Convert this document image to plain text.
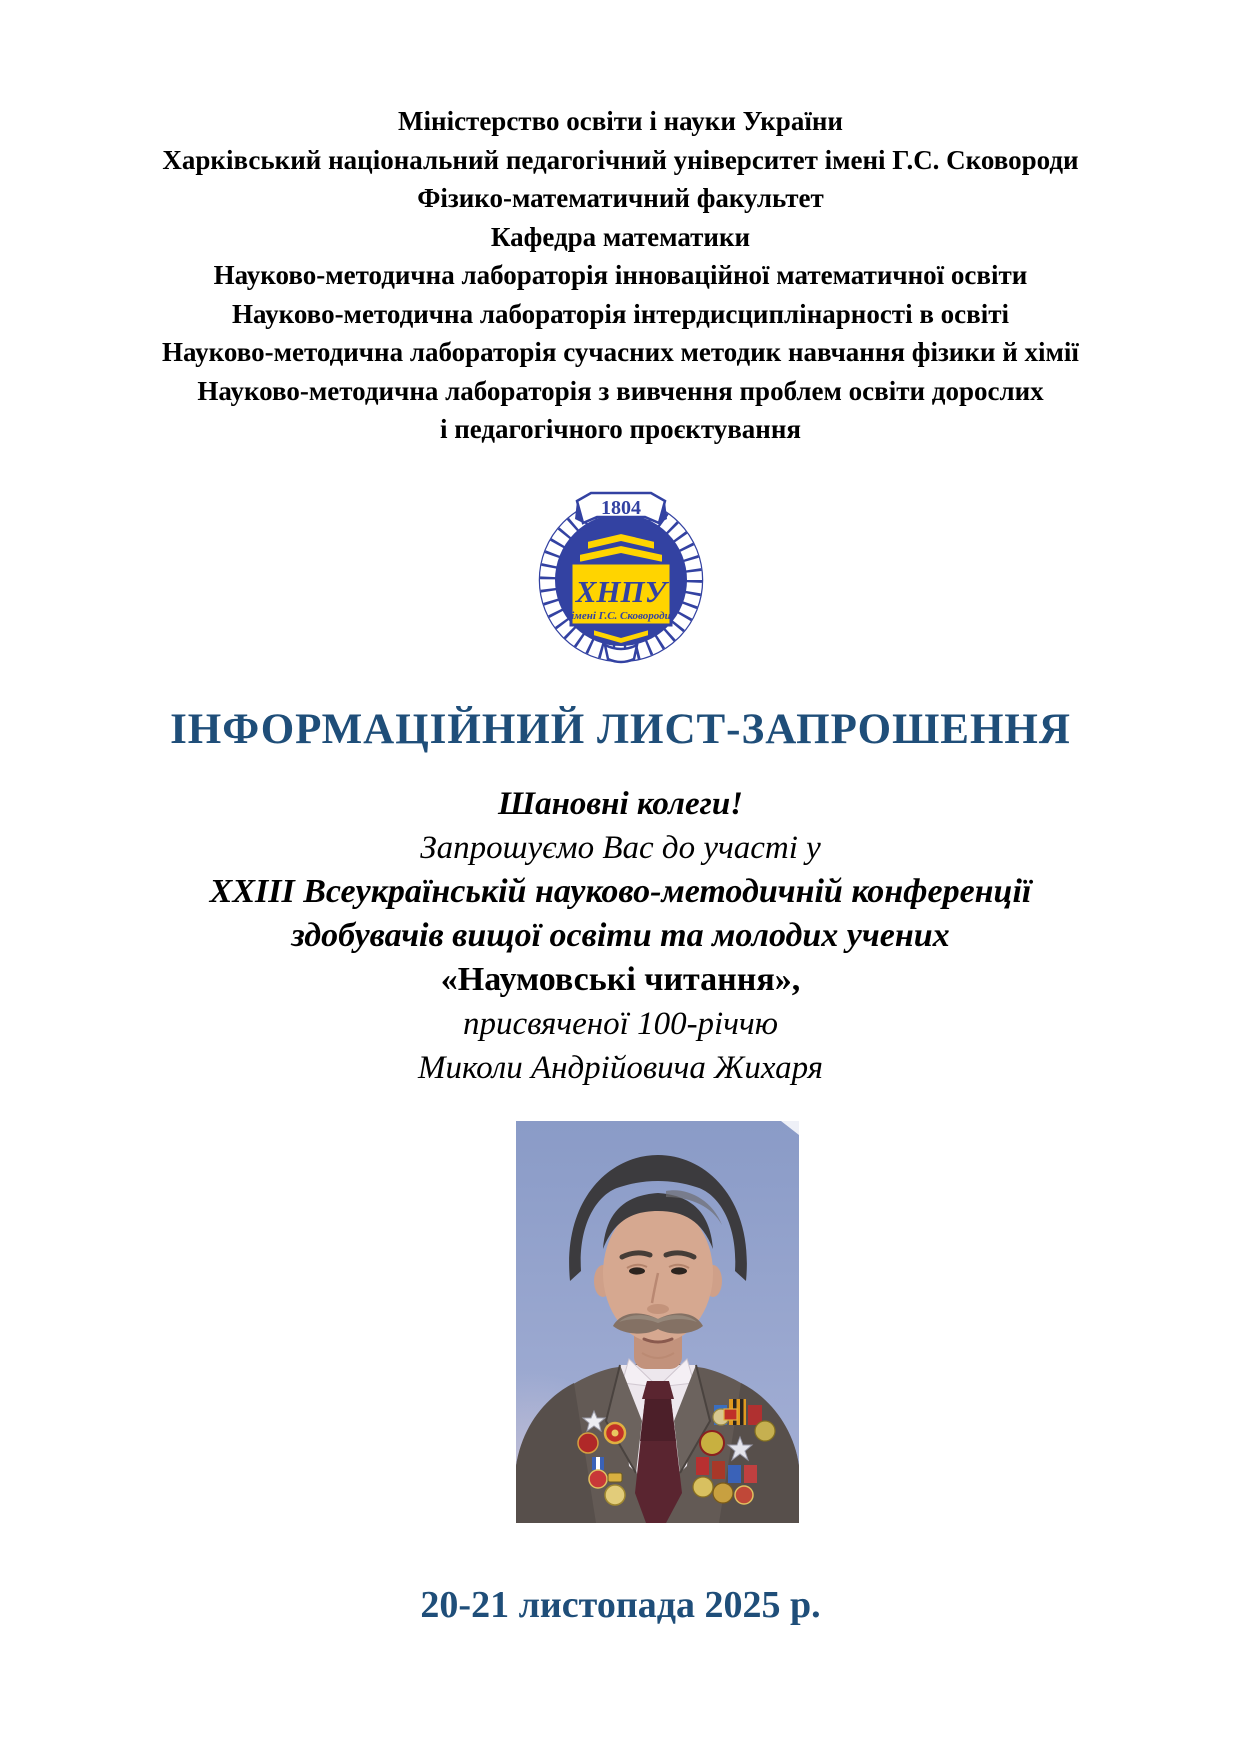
Міністерство освіти і науки України
Харківський національний педагогічний університет імені Г.С. Сковороди
Фізико-математичний факультет
Кафедра математики
Науково-методична лабораторія інноваційної математичної освіти
Науково-методична лабораторія інтердисциплінарності в освіті
Науково-методична лабораторія сучасних методик навчання фізики й хімії
Науково-методична лабораторія з вивчення проблем освіти дорослих
і педагогічного проєктування
ХНПУ
імені Г.С. Сковороди
1804
ІНФОРМАЦІЙНИЙ ЛИСТ-ЗАПРОШЕННЯ
Шановні колеги!
Запрошуємо Вас до участі у
XXIII Всеукраїнській науково-методичній конференції
здобувачів вищої освіти та молодих учених
«Наумовські читання»,
присвяченої 100-річчю
Миколи Андрійовича Жихаря
20-21 листопада 2025 р.
